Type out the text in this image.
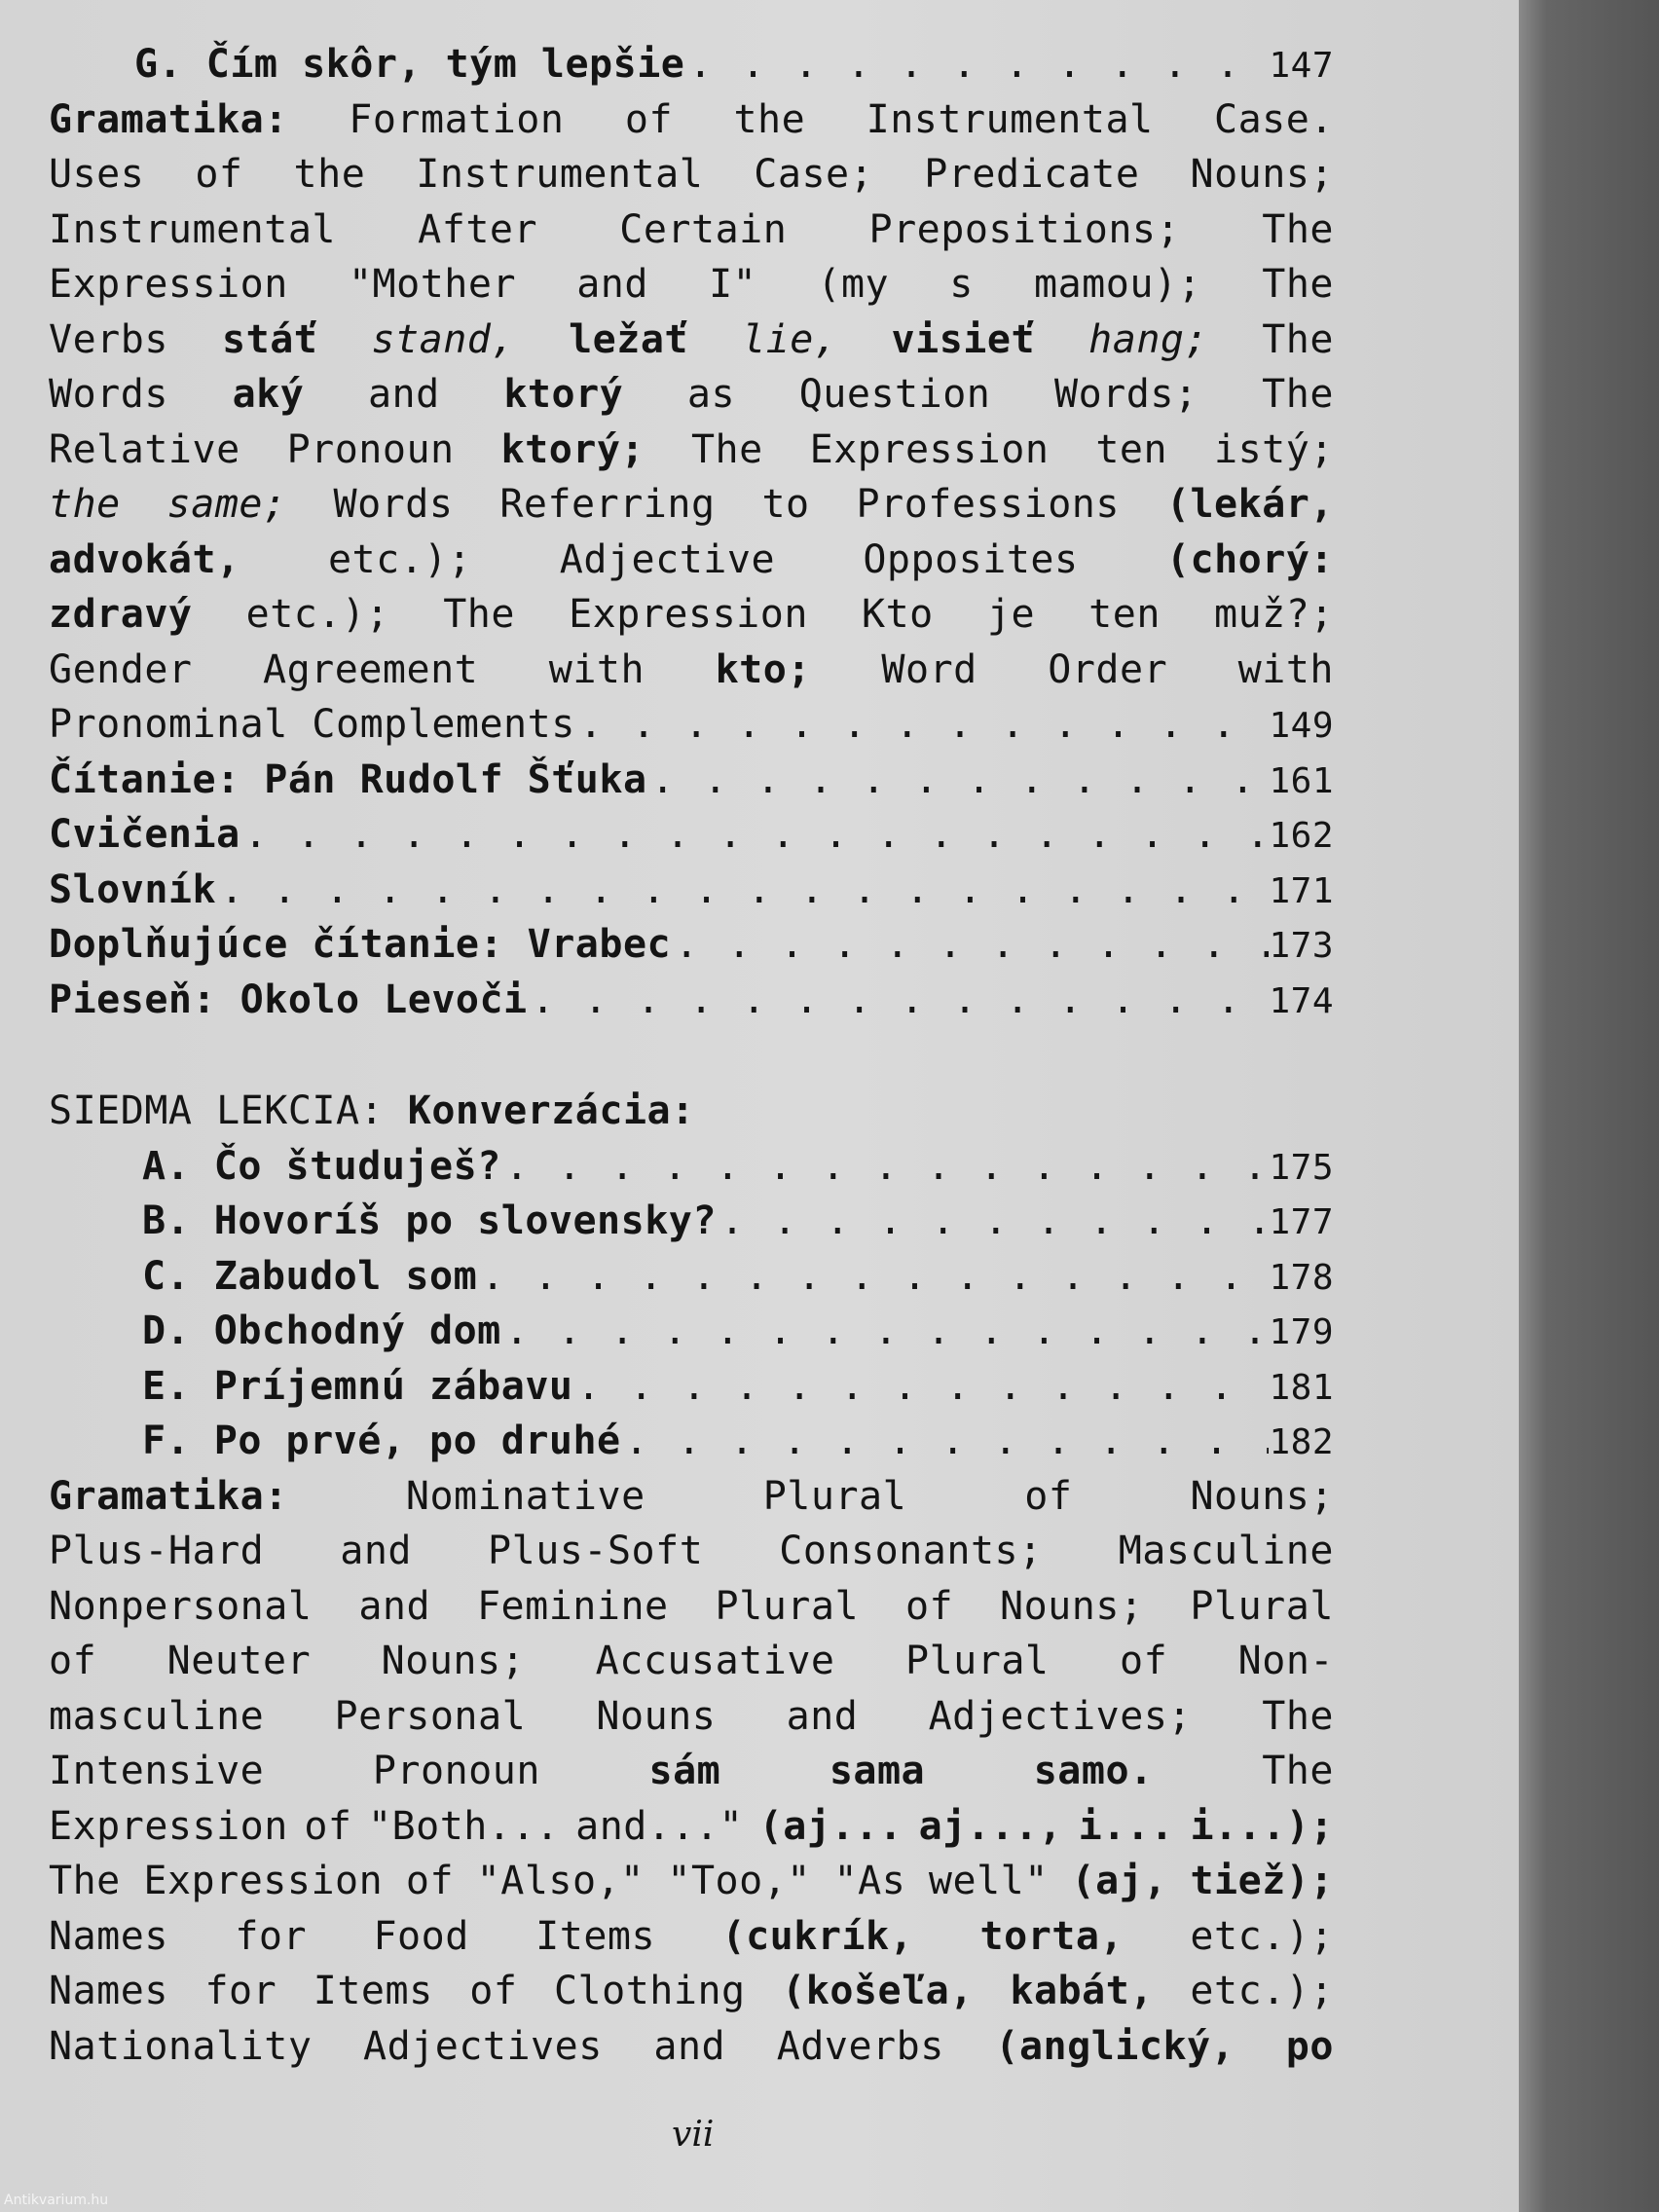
G. Čím skôr, tým lepšie . . .	147
Gramatika: Formation of the Instrumental Case.
Uses of the Instrumental Case; Predicate Nouns;
Instrumental After Certain Prepositions; The
Expression "Mother and I" (my s mamou); The
Verbs stáť stand, ležať lie, visieť hang; The
Words aký and ktorý as Question Words; The
Relative Pronoun ktorý; The Expression ten istý;
the same; Words Referring to Professions (lekár,
advokát, etc.); Adjective Opposites (chorý:
zdravý etc.); The Expression Kto je ten muž?;
Gender Agreement with kto; Word Order with
Pronominal Complements . . .	149
Čítanie: Pán Rudolf Šťuka . . .	161
Cvičenia . . .	162
Slovník . . .	171
Doplňujúce čítanie: Vrabec . . .	173
Pieseň: Okolo Levoči . . .	174
SIEDMA LEKCIA: Konverzácia:
A. Čo študuješ? . . .	175
B. Hovoríš po slovensky? . . .	177
C. Zabudol som . . .	178
D. Obchodný dom . . .	179
E. Príjemnú zábavu . . .	181
F. Po prvé, po druhé . . .	182
Gramatika:	Nominative	Plural	of	Nouns;
Plus-Hard and Plus-Soft Consonants; Masculine
Nonpersonal and Feminine Plural of Nouns; Plural
of Neuter Nouns; Accusative Plural of Non-
masculine Personal Nouns and Adjectives; The
Intensive	Pronoun	sám	sama	samo.	The
Expression of "Both... and..." (aj... aj..., i... i...);
The Expression of "Also," "Too," "As well" (aj, tiež);
Names for Food Items (cukrík, torta, etc.);
Names for Items of Clothing (košeľa, kabát, etc.);
Nationality Adjectives and Adverbs (anglický, po
vii
Antikvarium.hu
